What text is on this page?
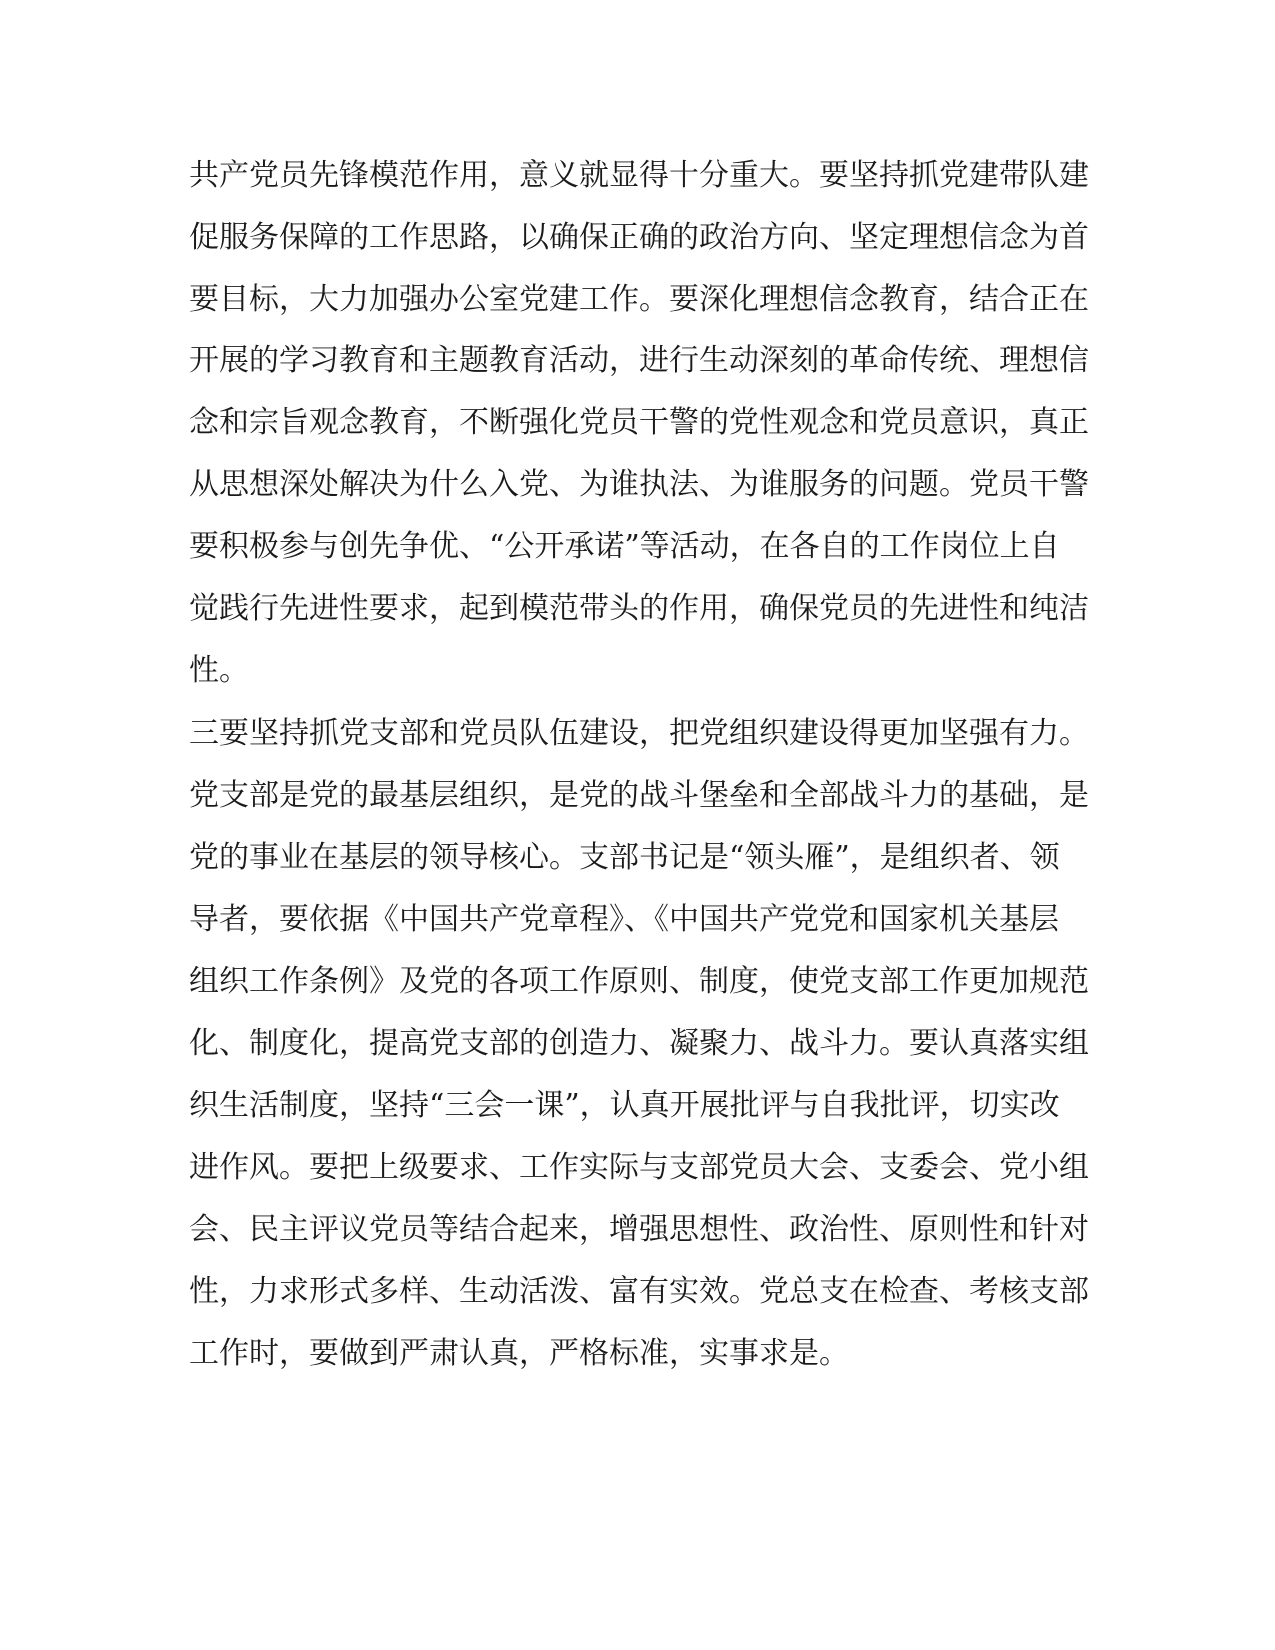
共产党员先锋模范作用，意义就显得十分重大。要坚持抓党建带队建
促服务保障的工作思路，以确保正确的政治方向、坚定理想信念为首
要目标，大力加强办公室党建工作。要深化理想信念教育，结合正在
开展的学习教育和主题教育活动，进行生动深刻的革命传统、理想信
念和宗旨观念教育，不断强化党员干警的党性观念和党员意识，真正
从思想深处解决为什么入党、为谁执法、为谁服务的问题。党员干警
要积极参与创先争优、“公开承诺”等活动，在各自的工作岗位上自
觉践行先进性要求，起到模范带头的作用，确保党员的先进性和纯洁
性。
三要坚持抓党支部和党员队伍建设，把党组织建设得更加坚强有力。
党支部是党的最基层组织，是党的战斗堡垒和全部战斗力的基础，是
党的事业在基层的领导核心。支部书记是“领头雁”，是组织者、领
导者，要依据《中国共产党章程》、《中国共产党党和国家机关基层
组织工作条例》及党的各项工作原则、制度，使党支部工作更加规范
化、制度化，提高党支部的创造力、凝聚力、战斗力。要认真落实组
织生活制度，坚持“三会一课”，认真开展批评与自我批评，切实改
进作风。要把上级要求、工作实际与支部党员大会、支委会、党小组
会、民主评议党员等结合起来，增强思想性、政治性、原则性和针对
性，力求形式多样、生动活泼、富有实效。党总支在检查、考核支部
工作时，要做到严肃认真，严格标准，实事求是。
